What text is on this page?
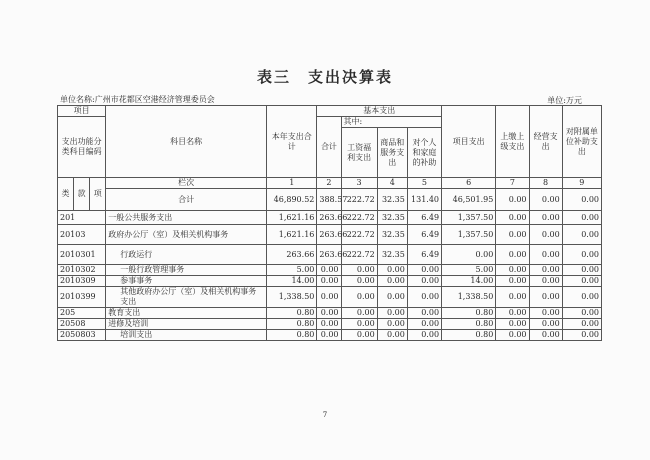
表三　支出决算表
单位名称:广州市花都区空港经济管理委员会	单位:万元
项目			科目名称	本年支出合计	基本支出				项目支出	上缴上级支出	经营支出	对附属单位补助支出
支出功能分类科目编码					合计	其中:						
						工资福利支出	商品和服务支出	对个人和家庭的补助				

类	款	项	栏次	1	2	3	4	5	6	7	8	9
			合计	46,890.52	388.57	222.72	32.35	131.40	46,501.95	0.00	0.00	0.00
201			一般公共服务支出	1,621.16	263.66	222.72	32.35	6.49	1,357.50	0.00	0.00	0.00
20103			政府办公厅（室）及相关机构事务	1,621.16	263.66	222.72	32.35	6.49	1,357.50	0.00	0.00	0.00
2010301			行政运行	263.66	263.66	222.72	32.35	6.49	0.00	0.00	0.00	0.00
2010302			一般行政管理事务	5.00	0.00	0.00	0.00	0.00	5.00	0.00	0.00	0.00
2010309			参事事务	14.00	0.00	0.00	0.00	0.00	14.00	0.00	0.00	0.00
2010399			其他政府办公厅（室）及相关机构事务支出	1,338.50	0.00	0.00	0.00	0.00	1,338.50	0.00	0.00	0.00
205			教育支出	0.80	0.00	0.00	0.00	0.00	0.80	0.00	0.00	0.00
20508			进修及培训	0.80	0.00	0.00	0.00	0.00	0.80	0.00	0.00	0.00
2050803			培训支出	0.80	0.00	0.00	0.00	0.00	0.80	0.00	0.00	0.00
7
